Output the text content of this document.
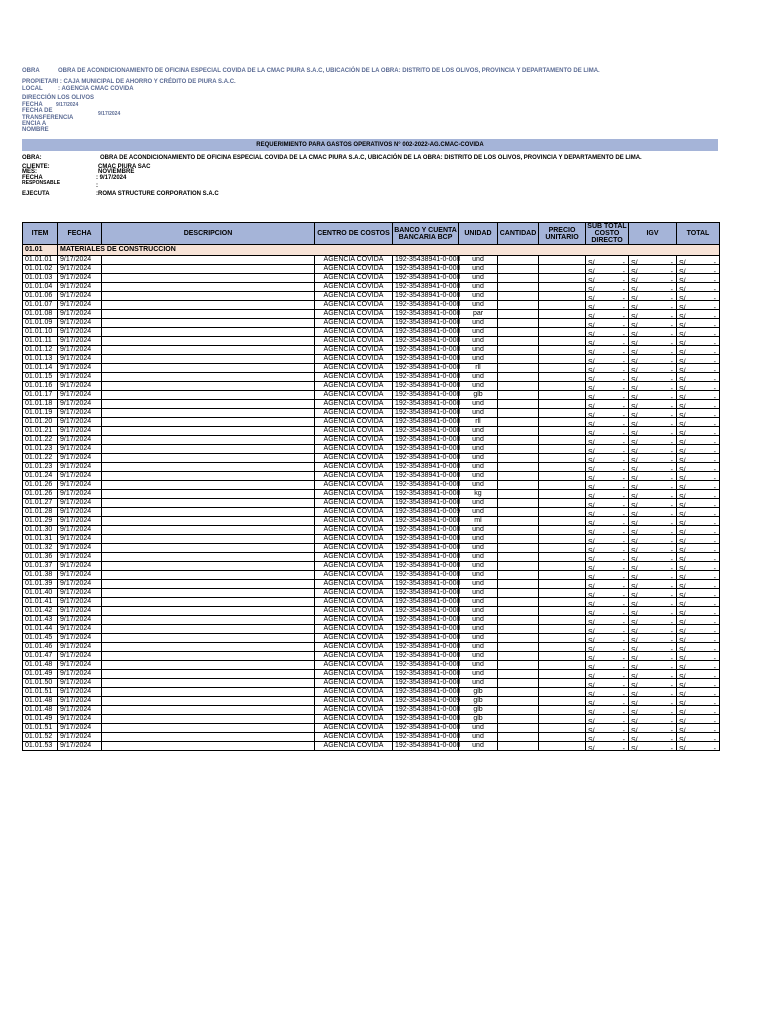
OBRA	OBRA DE ACONDICIONAMIENTO DE OFICINA ESPECIAL COVIDA DE LA CMAC PIURA S.A.C, UBICACIÓN DE LA OBRA: DISTRITO DE LOS OLIVOS, PROVINCIA Y DEPARTAMENTO DE LIMA.
PROPIETARI : CAJA MUNICIPAL DE AHORRO Y CRÉDITO DE PIURA S.A.C.
LOCAL	: AGENCIA CMAC COVIDA
DIRECCIÓN LOS OLIVOS
FECHA	9/17/2024
FECHA DE TRANSFERENCIA
9/17/2024
ENCIA A
NOMBRE
REQUERIMIENTO PARA GASTOS OPERATIVOS N° 002-2022-AG.CMAC-COVIDA
OBRA:	OBRA DE ACONDICIONAMIENTO DE OFICINA ESPECIAL COVIDA DE LA CMAC PIURA S.A.C, UBICACIÓN DE LA OBRA: DISTRITO DE LOS OLIVOS, PROVINCIA Y DEPARTAMENTO DE LIMA.
CLIENTE:	CMAC PIURA SAC
MES:	NOVIEMBRE
FECHA	: 9/17/2024
RESPONSABLE	:
EJECUTA	:ROMA STRUCTURE CORPORATION S.A.C
ITEM	FECHA	DESCRIPCION	CENTRO DE COSTOS	BANCO Y CUENTA BANCARIA BCP	UNIDAD	CANTIDAD	PRECIO UNITARIO	SUB TOTAL COSTO DIRECTO	IGV	TOTAL
01.01	MATERIALES DE CONSTRUCCION									
01.01.01	9/17/2024		AGENCIA COVIDA	192-35438941-0-008	und			S/ -	S/ -	S/ -

01.01.02	9/17/2024		AGENCIA COVIDA	192-35438941-0-008	und			S/ -	S/ -	S/ -

01.01.03	9/17/2024		AGENCIA COVIDA	192-35438941-0-008	und			S/ -	S/ -	S/ -

01.01.04	9/17/2024		AGENCIA COVIDA	192-35438941-0-008	und			S/ -	S/ -	S/ -

01.01.06	9/17/2024		AGENCIA COVIDA	192-35438941-0-008	und			S/ -	S/ -	S/ -

01.01.07	9/17/2024		AGENCIA COVIDA	192-35438941-0-008	und			S/ -	S/ -	S/ -

01.01.08	9/17/2024		AGENCIA COVIDA	192-35438941-0-008	par			S/ -	S/ -	S/ -

01.01.09	9/17/2024		AGENCIA COVIDA	192-35438941-0-008	und			S/ -	S/ -	S/ -

01.01.10	9/17/2024		AGENCIA COVIDA	192-35438941-0-008	und			S/ -	S/ -	S/ -

01.01.11	9/17/2024		AGENCIA COVIDA	192-35438941-0-008	und			S/ -	S/ -	S/ -

01.01.12	9/17/2024		AGENCIA COVIDA	192-35438941-0-008	und			S/ -	S/ -	S/ -

01.01.13	9/17/2024		AGENCIA COVIDA	192-35438941-0-008	und			S/ -	S/ -	S/ -

01.01.14	9/17/2024		AGENCIA COVIDA	192-35438941-0-008	rll			S/ -	S/ -	S/ -

01.01.15	9/17/2024		AGENCIA COVIDA	192-35438941-0-008	und			S/ -	S/ -	S/ -

01.01.16	9/17/2024		AGENCIA COVIDA	192-35438941-0-008	und			S/ -	S/ -	S/ -

01.01.17	9/17/2024		AGENCIA COVIDA	192-35438941-0-008	glb			S/ -	S/ -	S/ -

01.01.18	9/17/2024		AGENCIA COVIDA	192-35438941-0-008	und			S/ -	S/ -	S/ -

01.01.19	9/17/2024		AGENCIA COVIDA	192-35438941-0-008	und			S/ -	S/ -	S/ -

01.01.20	9/17/2024		AGENCIA COVIDA	192-35438941-0-008	rll			S/ -	S/ -	S/ -

01.01.21	9/17/2024		AGENCIA COVIDA	192-35438941-0-008	und			S/ -	S/ -	S/ -

01.01.22	9/17/2024		AGENCIA COVIDA	192-35438941-0-008	und			S/ -	S/ -	S/ -

01.01.23	9/17/2024		AGENCIA COVIDA	192-35438941-0-008	und			S/ -	S/ -	S/ -

01.01.22	9/17/2024		AGENCIA COVIDA	192-35438941-0-008	und			S/ -	S/ -	S/ -

01.01.23	9/17/2024		AGENCIA COVIDA	192-35438941-0-008	und			S/ -	S/ -	S/ -

01.01.24	9/17/2024		AGENCIA COVIDA	192-35438941-0-008	und			S/ -	S/ -	S/ -

01.01.26	9/17/2024		AGENCIA COVIDA	192-35438941-0-008	und			S/ -	S/ -	S/ -

01.01.26	9/17/2024		AGENCIA COVIDA	192-35438941-0-008	kg			S/ -	S/ -	S/ -

01.01.27	9/17/2024		AGENCIA COVIDA	192-35438941-0-008	und			S/ -	S/ -	S/ -

01.01.28	9/17/2024		AGENCIA COVIDA	192-35438941-0-009	und			S/ -	S/ -	S/ -

01.01.29	9/17/2024		AGENCIA COVIDA	192-35438941-0-008	ml			S/ -	S/ -	S/ -

01.01.30	9/17/2024		AGENCIA COVIDA	192-35438941-0-008	und			S/ -	S/ -	S/ -

01.01.31	9/17/2024		AGENCIA COVIDA	192-35438941-0-008	und			S/ -	S/ -	S/ -

01.01.32	9/17/2024		AGENCIA COVIDA	192-35438941-0-008	und			S/ -	S/ -	S/ -

01.01.36	9/17/2024		AGENCIA COVIDA	192-35438941-0-008	und			S/ -	S/ -	S/ -

01.01.37	9/17/2024		AGENCIA COVIDA	192-35438941-0-008	und			S/ -	S/ -	S/ -

01.01.38	9/17/2024		AGENCIA COVIDA	192-35438941-0-008	und			S/ -	S/ -	S/ -

01.01.39	9/17/2024		AGENCIA COVIDA	192-35438941-0-008	und			S/ -	S/ -	S/ -

01.01.40	9/17/2024		AGENCIA COVIDA	192-35438941-0-008	und			S/ -	S/ -	S/ -

01.01.41	9/17/2024		AGENCIA COVIDA	192-35438941-0-008	und			S/ -	S/ -	S/ -

01.01.42	9/17/2024		AGENCIA COVIDA	192-35438941-0-008	und			S/ -	S/ -	S/ -

01.01.43	9/17/2024		AGENCIA COVIDA	192-35438941-0-008	und			S/ -	S/ -	S/ -

01.01.44	9/17/2024		AGENCIA COVIDA	192-35438941-0-008	und			S/ -	S/ -	S/ -

01.01.45	9/17/2024		AGENCIA COVIDA	192-35438941-0-008	und			S/ -	S/ -	S/ -

01.01.46	9/17/2024		AGENCIA COVIDA	192-35438941-0-008	und			S/ -	S/ -	S/ -

01.01.47	9/17/2024		AGENCIA COVIDA	192-35438941-0-008	und			S/ -	S/ -	S/ -

01.01.48	9/17/2024		AGENCIA COVIDA	192-35438941-0-008	und			S/ -	S/ -	S/ -

01.01.49	9/17/2024		AGENCIA COVIDA	192-35438941-0-008	und			S/ -	S/ -	S/ -

01.01.50	9/17/2024		AGENCIA COVIDA	192-35438941-0-008	und			S/ -	S/ -	S/ -

01.01.51	9/17/2024		AGENCIA COVIDA	192-35438941-0-008	glb			S/ -	S/ -	S/ -

01.01.48	9/17/2024		AGENCIA COVIDA	192-35438941-0-009	glb			S/ -	S/ -	S/ -

01.01.48	9/17/2024		AGENCIA COVIDA	192-35438941-0-008	glb			S/ -	S/ -	S/ -

01.01.49	9/17/2024		AGENCIA COVIDA	192-35438941-0-008	glb			S/ -	S/ -	S/ -

01.01.51	9/17/2024		AGENCIA COVIDA	192-35438941-0-008	und			S/ -	S/ -	S/ -

01.01.52	9/17/2024		AGENCIA COVIDA	192-35438941-0-008	und			S/ -	S/ -	S/ -

01.01.53	9/17/2024		AGENCIA COVIDA	192-35438941-0-008	und			S/ -	S/ -	S/ -
